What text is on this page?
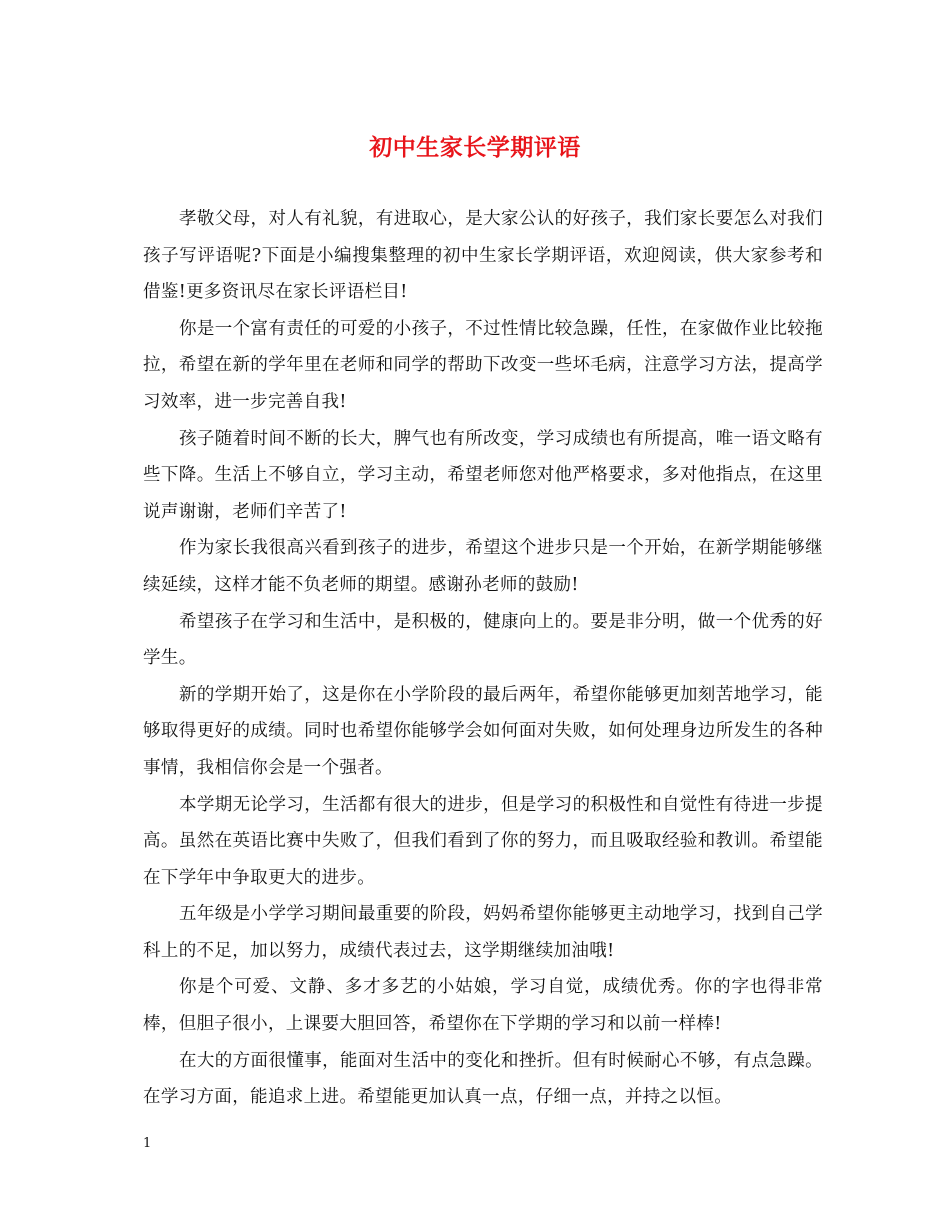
初中生家长学期评语

孝敬父母，对人有礼貌，有进取心，是大家公认的好孩子，我们家长要怎么对我们孩子写评语呢?下面是小编搜集整理的初中生家长学期评语，欢迎阅读，供大家参考和借鉴!更多资讯尽在家长评语栏目!

你是一个富有责任的可爱的小孩子，不过性情比较急躁，任性，在家做作业比较拖拉，希望在新的学年里在老师和同学的帮助下改变一些坏毛病，注意学习方法，提高学习效率，进一步完善自我!

孩子随着时间不断的长大，脾气也有所改变，学习成绩也有所提高，唯一语文略有些下降。生活上不够自立，学习主动，希望老师您对他严格要求，多对他指点，在这里说声谢谢，老师们辛苦了!

作为家长我很高兴看到孩子的进步，希望这个进步只是一个开始，在新学期能够继续延续，这样才能不负老师的期望。感谢孙老师的鼓励!

希望孩子在学习和生活中，是积极的，健康向上的。要是非分明，做一个优秀的好学生。

新的学期开始了，这是你在小学阶段的最后两年，希望你能够更加刻苦地学习，能够取得更好的成绩。同时也希望你能够学会如何面对失败，如何处理身边所发生的各种事情，我相信你会是一个强者。

本学期无论学习，生活都有很大的进步，但是学习的积极性和自觉性有待进一步提高。虽然在英语比赛中失败了，但我们看到了你的努力，而且吸取经验和教训。希望能在下学年中争取更大的进步。

五年级是小学学习期间最重要的阶段，妈妈希望你能够更主动地学习，找到自己学科上的不足，加以努力，成绩代表过去，这学期继续加油哦!

你是个可爱、文静、多才多艺的小姑娘，学习自觉，成绩优秀。你的字也得非常棒，但胆子很小，上课要大胆回答，希望你在下学期的学习和以前一样棒!

在大的方面很懂事，能面对生活中的变化和挫折。但有时候耐心不够，有点急躁。在学习方面，能追求上进。希望能更加认真一点，仔细一点，并持之以恒。

1
